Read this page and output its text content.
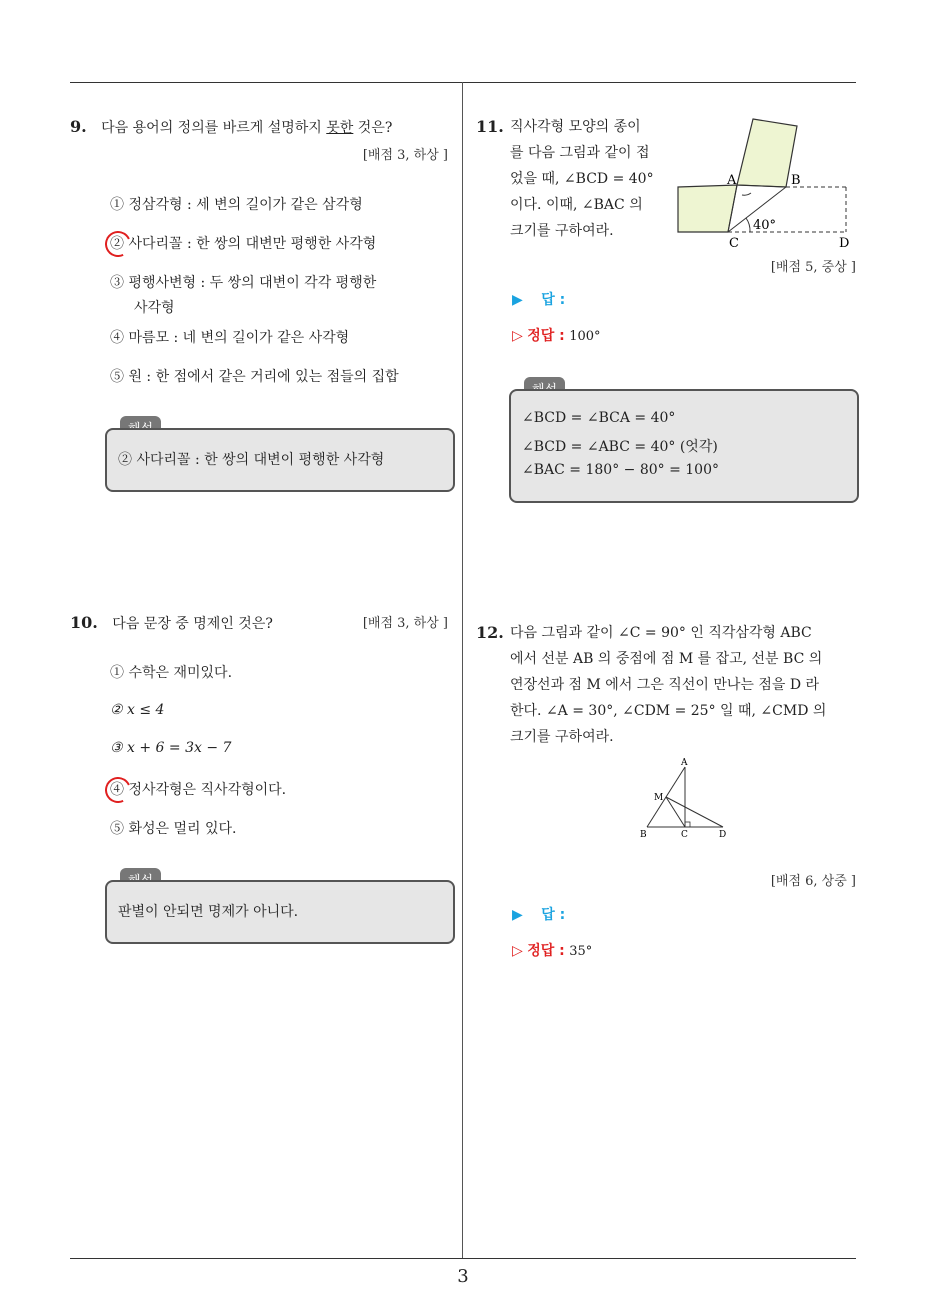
9. 다음 용어의 정의를 바르게 설명하지 못한 것은?
[배점 3, 하상 ]
① 정삼각형 : 세 변의 길이가 같은 삼각형
② 사다리꼴 : 한 쌍의 대변만 평행한 사각형
③ 평행사변형 : 두 쌍의 대변이 각각 평행한
사각형
④ 마름모 : 네 변의 길이가 같은 사각형
⑤ 원 : 한 점에서 같은 거리에 있는 점들의 집합
② 사다리꼴 : 한 쌍의 대변이 평행한 사각형
10. 다음 문장 중 명제인 것은?	[배점 3, 하상 ]
① 수학은 재미있다.
② x ≤ 4
③ x + 6 = 3x − 7
④ 정사각형은 직사각형이다.
⑤ 화성은 멀리 있다.
판별이 안되면 명제가 아니다.
11. 직사각형 모양의 종이
를 다음 그림과 같이 접
었을 때, ∠BCD = 40°
이다. 이때, ∠BAC 의
크기를 구하여라.
A	B
C	D
40°
[배점 5, 중상 ]
▶ 답 :
▷ 정답 : 100°
∠BCD = ∠BCA = 40°
∠BCD = ∠ABC = 40° (엇각)
∠BAC = 180° − 80° = 100°
12. 다음 그림과 같이 ∠C = 90° 인 직각삼각형 ABC
에서 선분 AB 의 중점에 점 M 를 잡고, 선분 BC 의
연장선과 점 M 에서 그은 직선이 만나는 점을 D 라
한다. ∠A = 30°, ∠CDM = 25° 일 때, ∠CMD 의
크기를 구하여라.
A
M
B	C	D
[배점 6, 상중 ]
▶ 답 :
▷ 정답 : 35°
3
